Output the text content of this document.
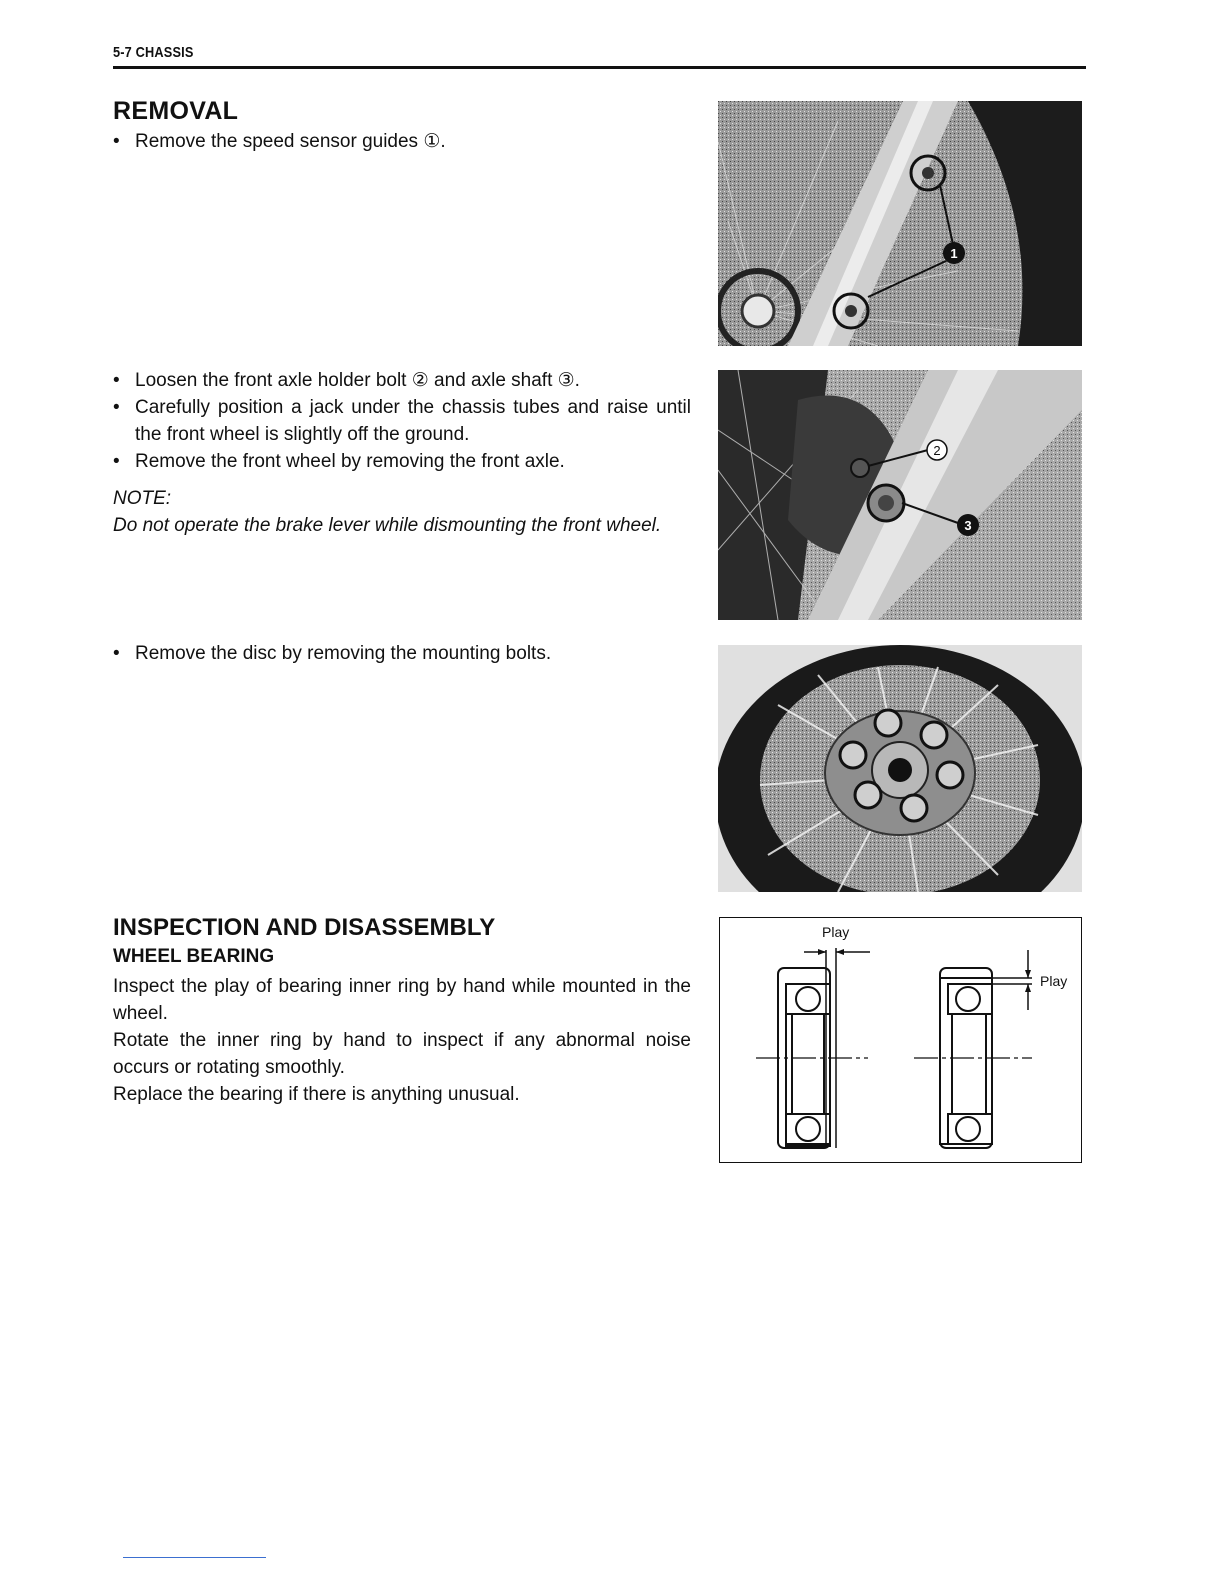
5-7 CHASSIS
REMOVAL
• Remove the speed sensor guides ①.
• Loosen the front axle holder bolt ② and axle shaft ③.
• Carefully position a jack under the chassis tubes and raise until the front wheel is slightly off the ground.
• Remove the front wheel by removing the front axle.
NOTE:
Do not operate the brake lever while dismounting the front wheel.
• Remove the disc by removing the mounting bolts.
1
2
3
INSPECTION AND DISASSEMBLY
WHEEL BEARING
Inspect the play of bearing inner ring by hand while mounted in the wheel.
Rotate the inner ring by hand to inspect if any abnormal noise occurs or rotating smoothly.
Replace the bearing if there is anything unusual.
Play
Play
